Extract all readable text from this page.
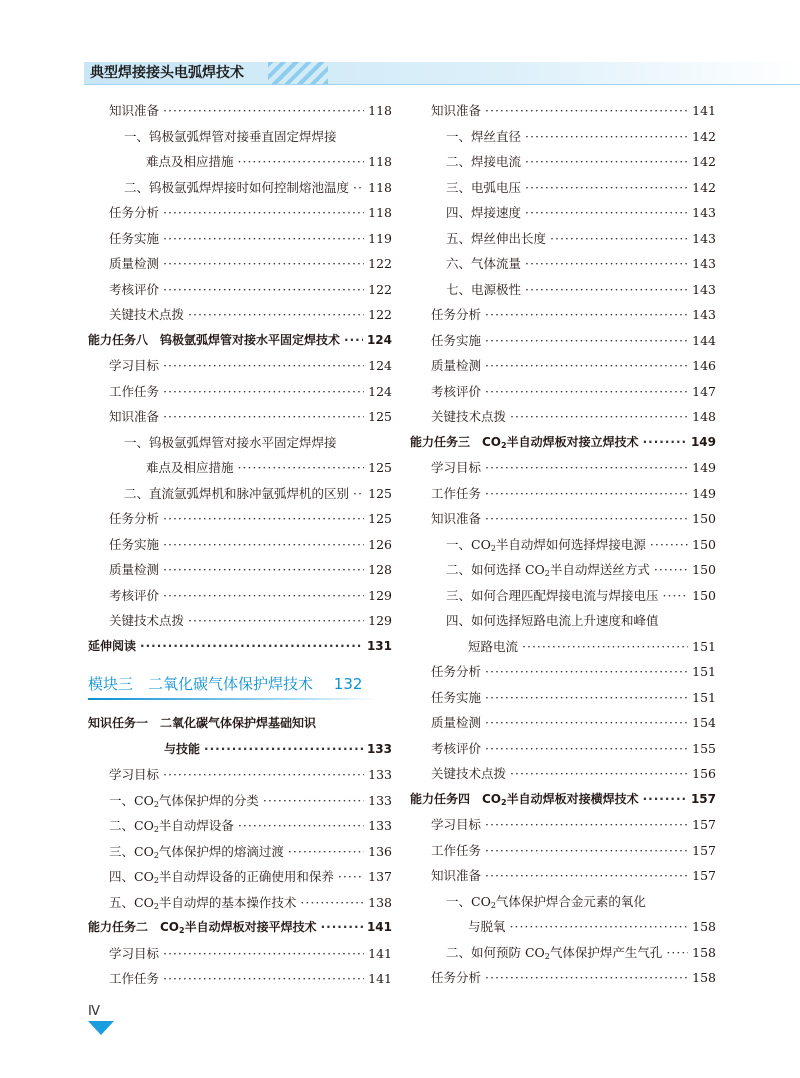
典型焊接接头电弧焊技术
知识准备 ·····	118
一、钨极氩弧焊管对接垂直固定焊焊接
难点及相应措施 ·····	118
二、钨极氩弧焊焊接时如何控制熔池温度 ····· 118
任务分析 ·····	118
任务实施 ·····	119
质量检测 ·····	122
考核评价 ·····	122
关键技术点拨 ·····	122
能力任务八　钨极氩弧焊管对接水平固定焊技术 ····· 124
学习目标 ·····	124
工作任务 ·····	124
知识准备 ·····	125
一、钨极氩弧焊管对接水平固定焊焊接
难点及相应措施 ·····	125
二、直流氩弧焊机和脉冲氩弧焊机的区别 ····· 125
任务分析 ·····	125
任务实施 ·····	126
质量检测 ·····	128
考核评价 ·····	129
关键技术点拨 ·····	129
延伸阅读 ·····	131
模块三　二氧化碳气体保护焊技术 132
知识任务一　二氧化碳气体保护焊基础知识
与技能 ·····	133
学习目标 ·····	133
一、$CO_2$气体保护焊的分类 ·····	133
二、$CO_2$半自动焊设备 ·····	133
三、$CO_2$气体保护焊的熔滴过渡 ·····	136
四、$CO_2$半自动焊设备的正确使用和保养 ·····	137
五、$CO_2$半自动焊的基本操作技术 ·····	138
能力任务二　$CO_2$半自动焊板对接平焊技术 ·····	141
学习目标 ·····	141
工作任务 ·····	141
知识准备 ·····	141
一、焊丝直径 ·····	142
二、焊接电流 ·····	142
三、电弧电压 ·····	142
四、焊接速度 ·····	143
五、焊丝伸出长度 ·····	143
六、气体流量 ·····	143
七、电源极性 ·····	143
任务分析 ·····	143
任务实施 ·····	144
质量检测 ·····	146
考核评价 ·····	147
关键技术点拨 ·····	148
能力任务三　$CO_2$半自动焊板对接立焊技术 ·····	149
学习目标 ·····	149
工作任务 ·····	149
知识准备 ·····	150
一、$CO_2$半自动焊如何选择焊接电源 ·····	150
二、如何选择 $CO_2$半自动焊送丝方式 ·····	150
三、如何合理匹配焊接电流与焊接电压 ·····	150
四、如何选择短路电流上升速度和峰值
短路电流 ·····	151
任务分析 ·····	151
任务实施 ·····	151
质量检测 ·····	154
考核评价 ·····	155
关键技术点拨 ·····	156
能力任务四　$CO_2$半自动焊板对接横焊技术 ·····	157
学习目标 ·····	157
工作任务 ·····	157
知识准备 ·····	157
一、$CO_2$气体保护焊合金元素的氧化
与脱氧 ·····	158
二、如何预防 $CO_2$气体保护焊产生气孔 ····· 158
任务分析 ·····	158
Ⅳ
